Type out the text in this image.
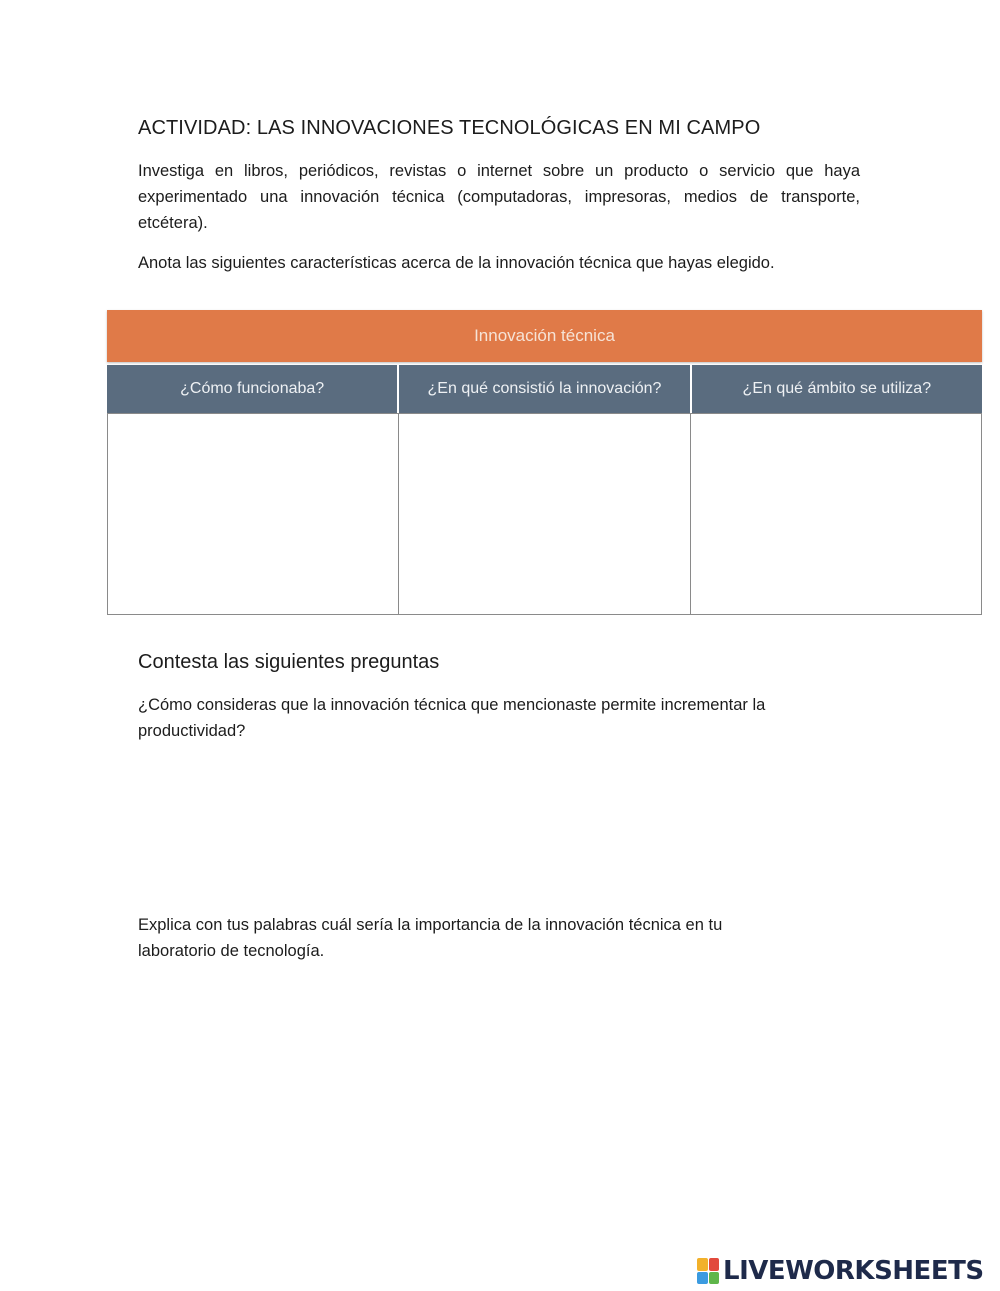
ACTIVIDAD: LAS INNOVACIONES TECNOLÓGICAS EN MI CAMPO
Investiga en libros, periódicos, revistas o internet sobre un producto o servicio que haya experimentado una innovación técnica (computadoras, impresoras, medios de transporte, etcétera).
Anota las siguientes características acerca de la innovación técnica que hayas elegido.
Innovación técnica
¿Cómo funcionaba?	¿En qué consistió la innovación?	¿En qué ámbito se utiliza?
Contesta las siguientes preguntas
¿Cómo consideras que la innovación técnica que mencionaste permite incrementar la productividad?
Explica con tus palabras cuál sería la importancia de la innovación técnica en tu laboratorio de tecnología.
LIVEWORKSHEETS
